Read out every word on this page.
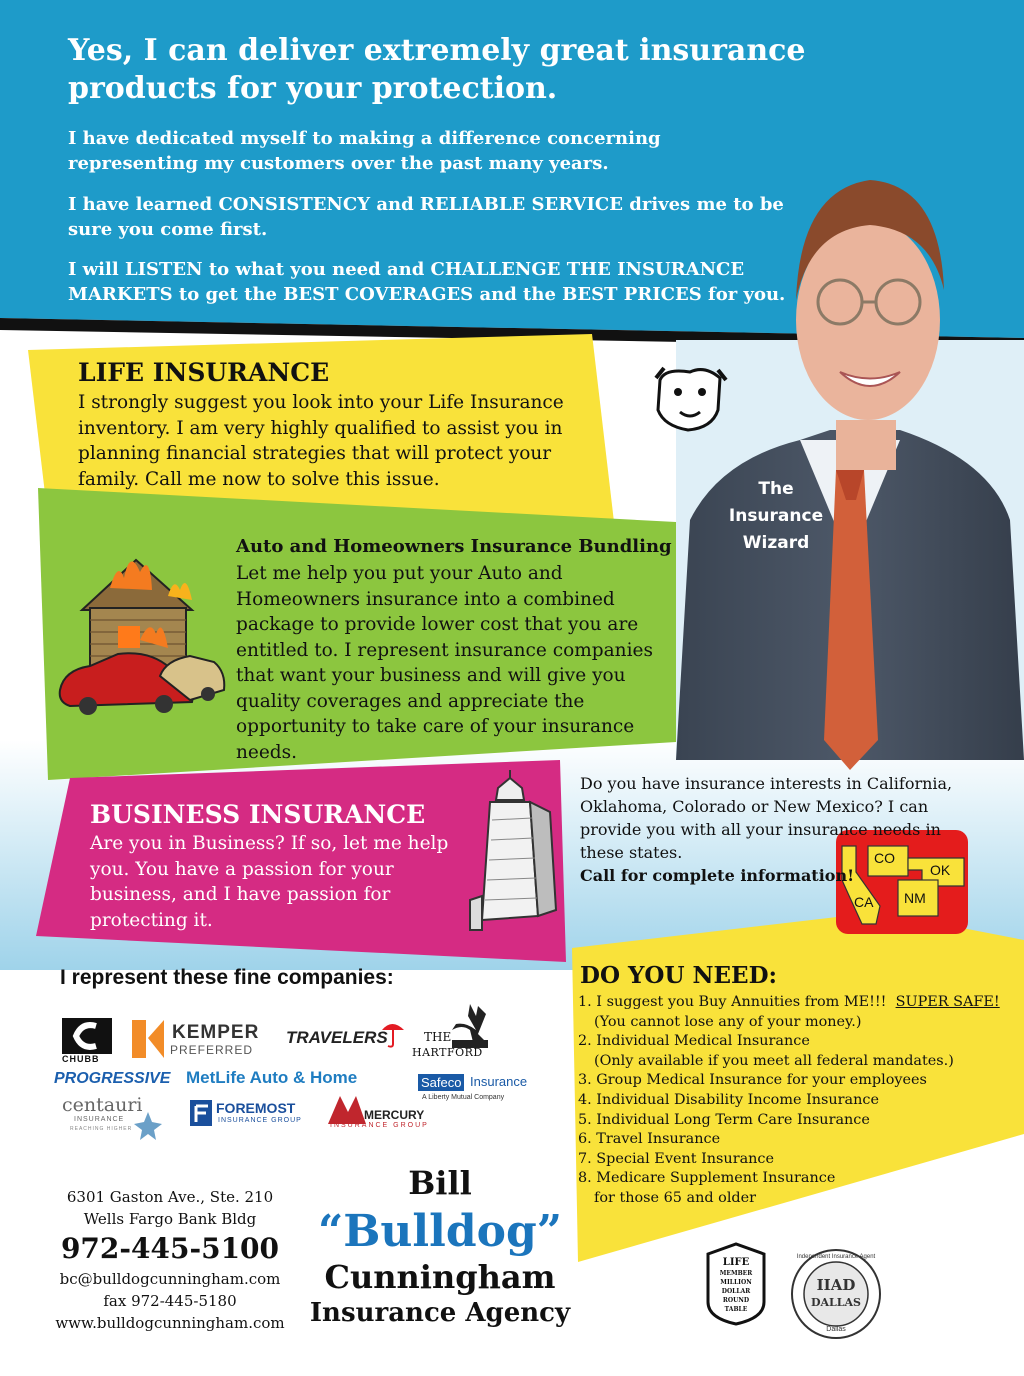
Yes, I can deliver extremely great insurance products for your protection.
I have dedicated myself to making a difference concerning representing my customers over the past many years.
I have learned CONSISTENCY and RELIABLE SERVICE drives me to be sure you come first.
I will LISTEN to what you need and CHALLENGE THE INSURANCE MARKETS to get the BEST COVERAGES and the BEST PRICES for you.
The
Insurance
Wizard
LIFE INSURANCE
I strongly suggest you look into your Life Insurance inventory. I am very highly qualified to assist you in planning financial strategies that will protect your family. Call me now to solve this issue.
Auto and Homeowners Insurance Bundling
Let me help you put your Auto and Homeowners insurance into a combined package to provide lower cost that you are entitled to. I represent insurance companies that want your business and will give you quality coverages and appreciate the opportunity to take care of your insurance needs.
BUSINESS INSURANCE
Are you in Business? If so, let me help you. You have a passion for your business, and I have passion for protecting it.
Do you have insurance interests in California, Oklahoma, Colorado or New Mexico? I can provide you with all your insurance needs in these states.
Call for complete information!
CO
OK
CA NM
I represent these fine companies:
CHUBB
KEMPER
PREFERRED
TRAVELERS	THE
HARTFORD
PROGRESSIVE MetLife Auto & Home	Safeco Insurance
A Liberty Mutual Company
centauri
INSURANCE
REACHING HIGHER
FOREMOST
INSURANCE GROUP	MERCURY
INSURANCE GROUP
DO YOU NEED:
1. I suggest you Buy Annuities from ME!!! SUPER SAFE!
(You cannot lose any of your money.)
2. Individual Medical Insurance
(Only available if you meet all federal mandates.)
3. Group Medical Insurance for your employees
4. Individual Disability Income Insurance
5. Individual Long Term Care Insurance
6. Travel Insurance
7. Special Event Insurance
8. Medicare Supplement Insurance
for those 65 and older
6301 Gaston Ave., Ste. 210
Wells Fargo Bank Bldg
972-445-5100
bc@bulldogcunningham.com
fax 972-445-5180
www.bulldogcunningham.com
Bill
“Bulldog”
Cunningham
Insurance Agency
LIFE
MEMBER
MILLION
DOLLAR
ROUND
TABLE
Independent Insurance Agent
IIAD
DALLAS
Dallas
